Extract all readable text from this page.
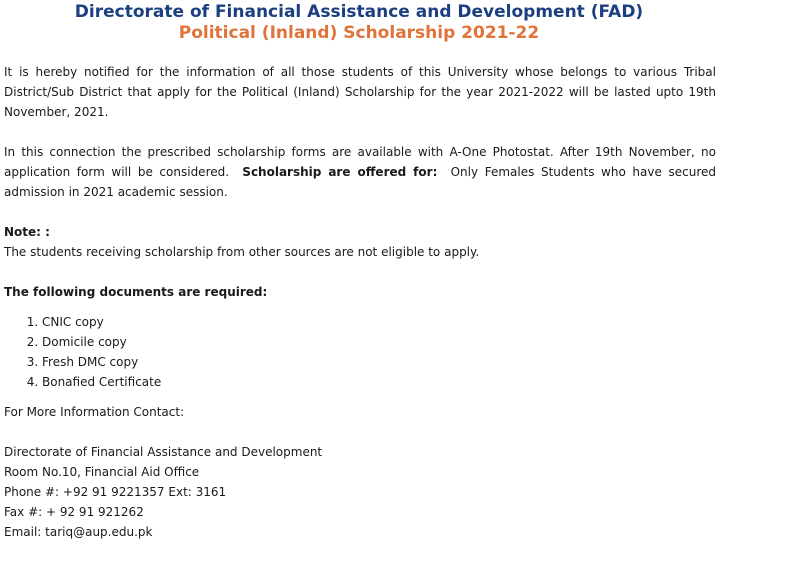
Directorate of Financial Assistance and Development (FAD)
Political (Inland) Scholarship 2021-22

It is hereby notified for the information of all those students of this University whose belongs to various Tribal District/Sub District that apply for the Political (Inland) Scholarship for the year 2021-2022 will be lasted upto 19th November, 2021.

In this connection the prescribed scholarship forms are available with A-One Photostat. After 19th November, no application form will be considered. Scholarship are offered for: Only Females Students who have secured admission in 2021 academic session.

Note: :

The students receiving scholarship from other sources are not eligible to apply.

The following documents are required:

1. CNIC copy
2. Domicile copy
3. Fresh DMC copy
4. Bonafied Certificate

For More Information Contact:

Directorate of Financial Assistance and Development
Room No.10, Financial Aid Office
Phone #: +92 91 9221357 Ext: 3161
Fax #: + 92 91 921262
Email: tariq@aup.edu.pk
